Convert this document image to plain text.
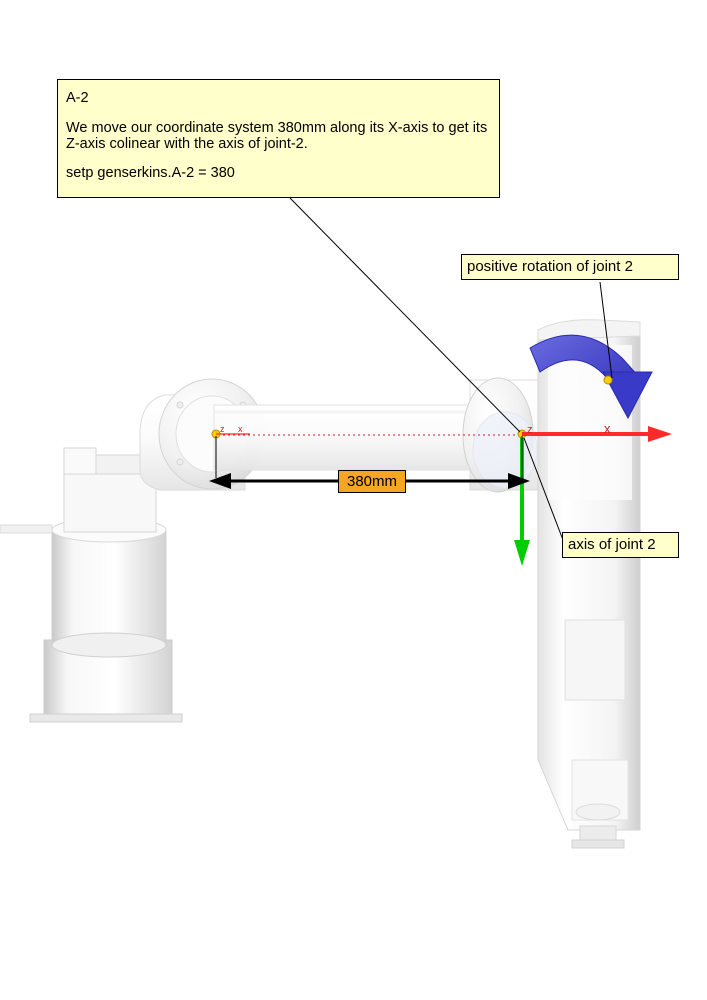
A-2

We move our coordinate system 380mm along its X-axis to get its Z-axis colinear with the axis of joint-2.

setp genserkins.A-2 = 380

positive rotation of joint 2
axis of joint 2
380mm
z x	z	x
